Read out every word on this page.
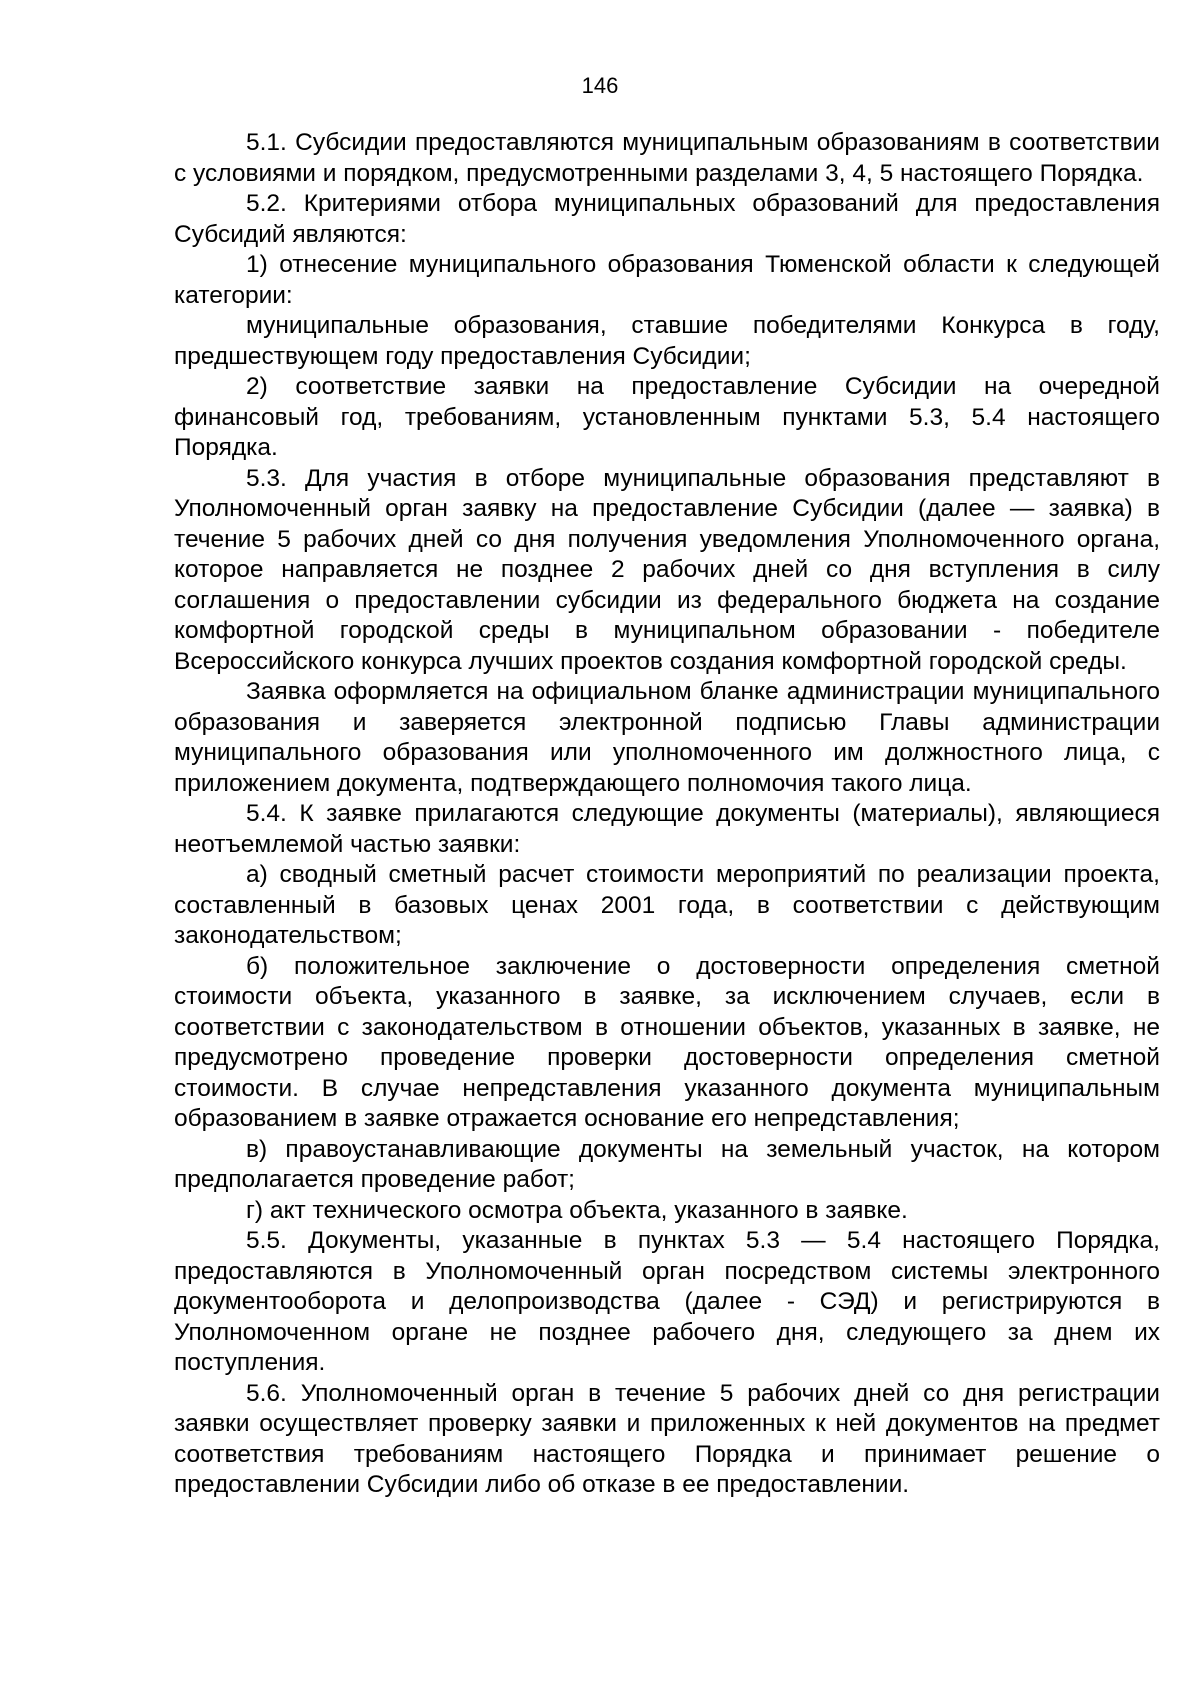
146

5.1. Субсидии предоставляются муниципальным образованиям в соответствии с условиями и порядком, предусмотренными разделами 3, 4, 5 настоящего Порядка.

5.2. Критериями отбора муниципальных образований для предоставления Субсидий являются:

1) отнесение муниципального образования Тюменской области к следующей категории:

муниципальные образования, ставшие победителями Конкурса в году, предшествующем году предоставления Субсидии;

2) соответствие заявки на предоставление Субсидии на очередной финансовый год, требованиям, установленным пунктами 5.3, 5.4 настоящего Порядка.

5.3. Для участия в отборе муниципальные образования представляют в Уполномоченный орган заявку на предоставление Субсидии (далее — заявка) в течение 5 рабочих дней со дня получения уведомления Уполномоченного органа, которое направляется не позднее 2 рабочих дней со дня вступления в силу соглашения о предоставлении субсидии из федерального бюджета на создание комфортной городской среды в муниципальном образовании - победителе Всероссийского конкурса лучших проектов создания комфортной городской среды.

Заявка оформляется на официальном бланке администрации муниципального образования и заверяется электронной подписью Главы администрации муниципального образования или уполномоченного им должностного лица, с приложением документа, подтверждающего полномочия такого лица.

5.4. К заявке прилагаются следующие документы (материалы), являющиеся неотъемлемой частью заявки:

а) сводный сметный расчет стоимости мероприятий по реализации проекта, составленный в базовых ценах 2001 года, в соответствии с действующим законодательством;

б) положительное заключение о достоверности определения сметной стоимости объекта, указанного в заявке, за исключением случаев, если в соответствии с законодательством в отношении объектов, указанных в заявке, не предусмотрено проведение проверки достоверности определения сметной стоимости. В случае непредставления указанного документа муниципальным образованием в заявке отражается основание его непредставления;

в) правоустанавливающие документы на земельный участок, на котором предполагается проведение работ;

г) акт технического осмотра объекта, указанного в заявке.

5.5. Документы, указанные в пунктах 5.3 — 5.4 настоящего Порядка, предоставляются в Уполномоченный орган посредством системы электронного документооборота и делопроизводства (далее - СЭД) и регистрируются в Уполномоченном органе не позднее рабочего дня, следующего за днем их поступления.

5.6. Уполномоченный орган в течение 5 рабочих дней со дня регистрации заявки осуществляет проверку заявки и приложенных к ней документов на предмет соответствия требованиям настоящего Порядка и принимает решение о предоставлении Субсидии либо об отказе в ее предоставлении.
